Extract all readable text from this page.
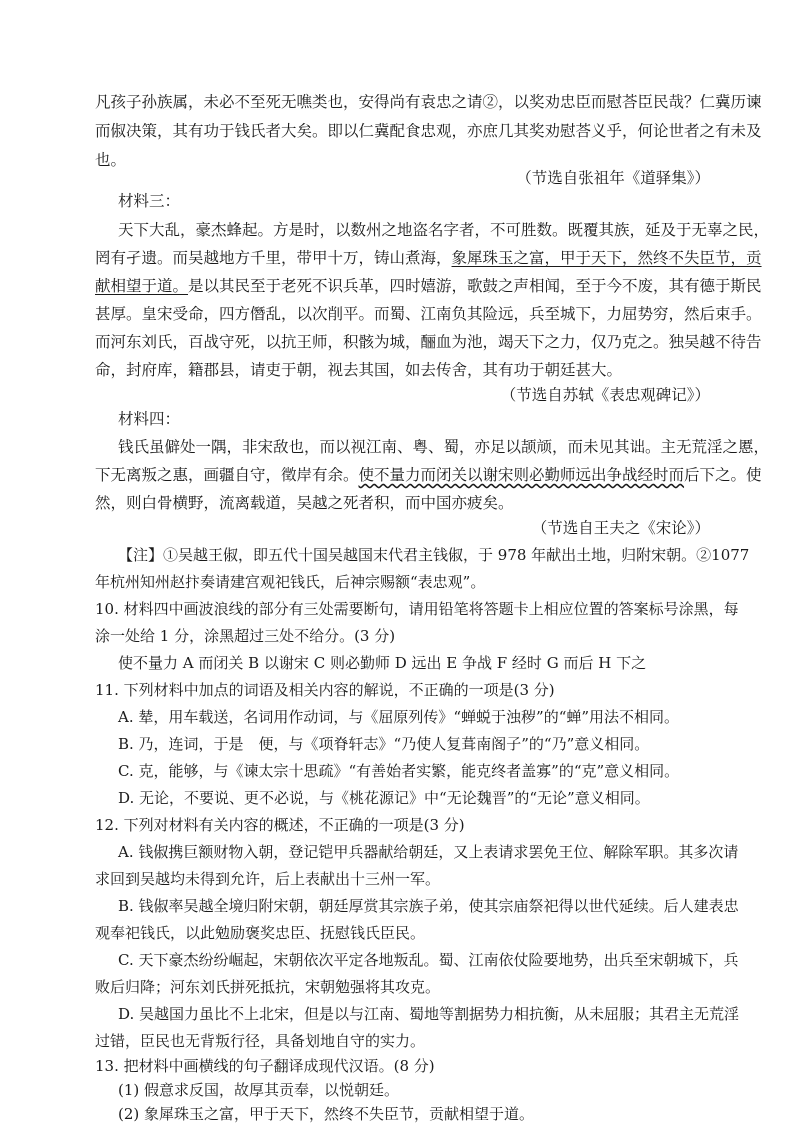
凡孩子孙族属，未必不至死无噍类也，安得尚有袁忠之请②，以奖劝忠臣而慰荅臣民哉？仁冀历谏
而俶决策，其有功于钱氏者大矣。即以仁冀配食忠观，亦庶几其奖劝慰荅义乎，何论世者之有未及
也。
（节选自张祖年《道驿集》）
材料三：
天下大乱，豪杰蜂起。方是时，以数州之地盗名字者，不可胜数。既覆其族，延及于无辜之民，
罔有孑遗。而吴越地方千里，带甲十万，铸山煮海，象犀珠玉之富，甲于天下，然终不失臣节，贡
献相望于道。是以其民至于老死不识兵革，四时嬉游，歌鼓之声相闻，至于今不废，其有德于斯民
甚厚。皇宋受命，四方僭乱，以次削平。而蜀、江南负其险远，兵至城下，力屈势穷，然后束手。
而河东刘氏，百战守死，以抗王师，积骸为城，酾血为池，竭天下之力，仅乃克之。独吴越不待告
命，封府库，籍郡县，请吏于朝，视去其国，如去传舍，其有功于朝廷甚大。
（节选自苏轼《表忠观碑记》）
材料四：
钱氏虽僻处一隅，非宋敌也，而以视江南、粤、蜀，亦足以颉颃，而未见其诎。主无荒淫之慝，
下无离叛之惠，画疆自守，徵岸有余。使不量力而闭关以谢宋则必勤师远出争战经时而后下之。使
然，则白骨横野，流离载道，吴越之死者积，而中国亦疲矣。
（节选自王夫之《宋论》）
【注】①吴越王俶，即五代十国吴越国末代君主钱俶，于 978 年献出土地，归附宋朝。②1077
年杭州知州赵抃奏请建宫观祀钱氏，后神宗赐额“表忠观”。
10. 材料四中画波浪线的部分有三处需要断句，请用铅笔将答题卡上相应位置的答案标号涂黑，每
涂一处给 1 分，涂黑超过三处不给分。(3 分)
使不量力 A 而闭关 B 以谢宋 C 则必勤师 D 远出 E 争战 F 经时 G 而后 H 下之
11. 下列材料中加点的词语及相关内容的解说，不正确的一项是(3 分)
A. 辇，用车载送，名词用作动词，与《屈原列传》“蝉蜕于浊秽”的“蝉”用法不相同。
B. 乃，连词，于是　便，与《项脊轩志》“乃使人复葺南阁子”的“乃”意义相同。
C. 克，能够，与《谏太宗十思疏》“有善始者实繁，能克终者盖寡”的“克”意义相同。
D. 无论，不要说、更不必说，与《桃花源记》中“无论魏晋”的“无论”意义相同。
12. 下列对材料有关内容的概述，不正确的一项是(3 分)
A. 钱俶携巨额财物入朝，登记铠甲兵器献给朝廷，又上表请求罢免王位、解除军职。其多次请
求回到吴越均未得到允许，后上表献出十三州一军。
B. 钱俶率吴越全境归附宋朝，朝廷厚赏其宗族子弟，使其宗庙祭祀得以世代延续。后人建表忠
观奉祀钱氏，以此勉励褒奖忠臣、抚慰钱氏臣民。
C. 天下豪杰纷纷崛起，宋朝依次平定各地叛乱。蜀、江南依仗险要地势，出兵至宋朝城下，兵
败后归降；河东刘氏拼死抵抗，宋朝勉强将其攻克。
D. 吴越国力虽比不上北宋，但是以与江南、蜀地等割据势力相抗衡，从未屈服；其君主无荒淫
过错，臣民也无背叛行径，具备划地自守的实力。
13. 把材料中画横线的句子翻译成现代汉语。(8 分)
(1) 假意求反国，故厚其贡奉，以悦朝廷。
(2) 象犀珠玉之富，甲于天下，然终不失臣节，贡献相望于道。
